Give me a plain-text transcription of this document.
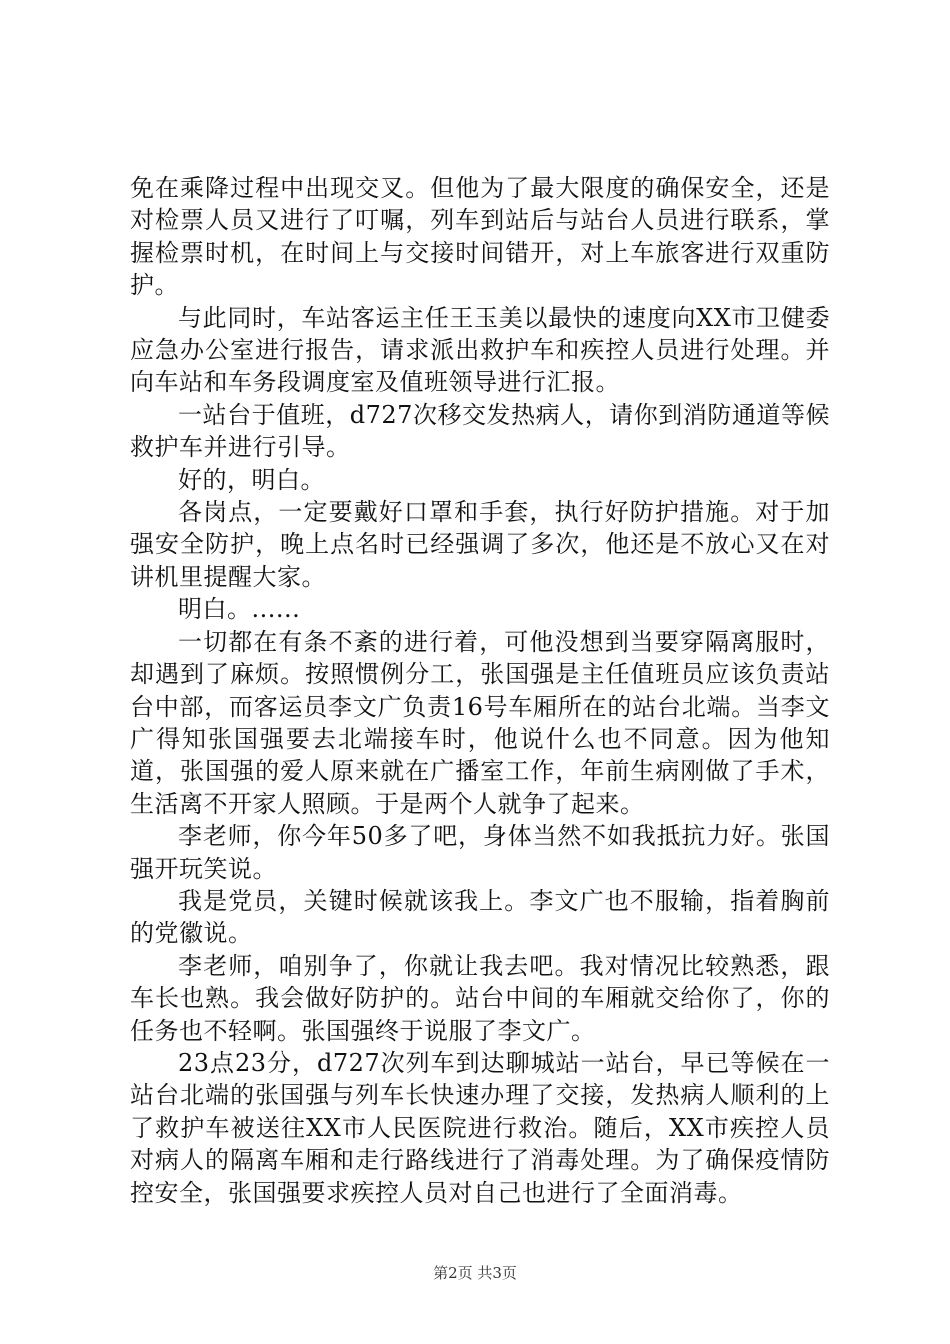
免在乘降过程中出现交叉。但他为了最大限度的确保安全，还是对检票人员又进行了叮嘱，列车到站后与站台人员进行联系，掌握检票时机，在时间上与交接时间错开，对上车旅客进行双重防护。

与此同时，车站客运主任王玉美以最快的速度向XX市卫健委应急办公室进行报告，请求派出救护车和疾控人员进行处理。并向车站和车务段调度室及值班领导进行汇报。

一站台于值班，d727次移交发热病人，请你到消防通道等候救护车并进行引导。

好的，明白。

各岗点，一定要戴好口罩和手套，执行好防护措施。对于加强安全防护，晚上点名时已经强调了多次，他还是不放心又在对讲机里提醒大家。

明白。......

一切都在有条不紊的进行着，可他没想到当要穿隔离服时，却遇到了麻烦。按照惯例分工，张国强是主任值班员应该负责站台中部，而客运员李文广负责16号车厢所在的站台北端。当李文广得知张国强要去北端接车时，他说什么也不同意。因为他知道，张国强的爱人原来就在广播室工作，年前生病刚做了手术，生活离不开家人照顾。于是两个人就争了起来。

李老师，你今年50多了吧，身体当然不如我抵抗力好。张国强开玩笑说。

我是党员，关键时候就该我上。李文广也不服输，指着胸前的党徽说。

李老师，咱别争了，你就让我去吧。我对情况比较熟悉，跟车长也熟。我会做好防护的。站台中间的车厢就交给你了，你的任务也不轻啊。张国强终于说服了李文广。

23点23分，d727次列车到达聊城站一站台，早已等候在一站台北端的张国强与列车长快速办理了交接，发热病人顺利的上了救护车被送往XX市人民医院进行救治。随后，XX市疾控人员对病人的隔离车厢和走行路线进行了消毒处理。为了确保疫情防控安全，张国强要求疾控人员对自己也进行了全面消毒。

第2页 共3页
